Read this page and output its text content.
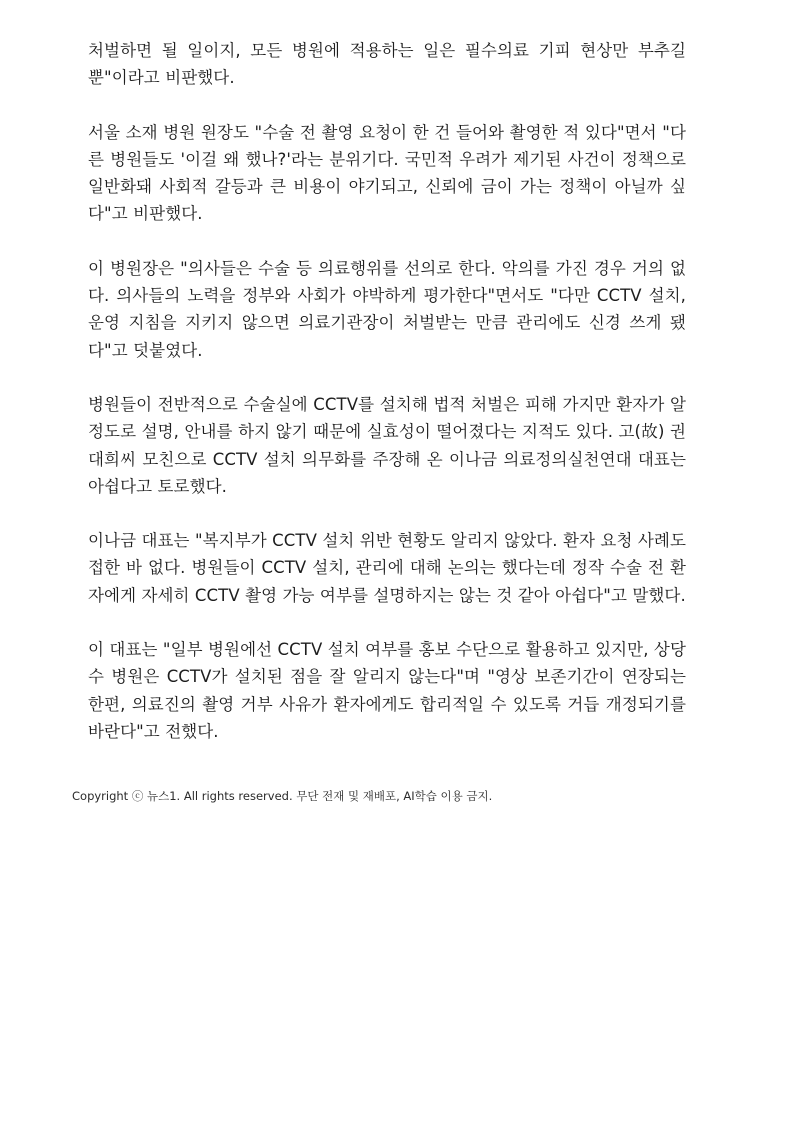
처벌하면 될 일이지, 모든 병원에 적용하는 일은 필수의료 기피 현상만 부추길 뿐"이라고 비판했다.

서울 소재 병원 원장도 "수술 전 촬영 요청이 한 건 들어와 촬영한 적 있다"면서 "다른 병원들도 '이걸 왜 했나?'라는 분위기다. 국민적 우려가 제기된 사건이 정책으로 일반화돼 사회적 갈등과 큰 비용이 야기되고, 신뢰에 금이 가는 정책이 아닐까 싶다"고 비판했다.

이 병원장은 "의사들은 수술 등 의료행위를 선의로 한다. 악의를 가진 경우 거의 없다. 의사들의 노력을 정부와 사회가 야박하게 평가한다"면서도 "다만 CCTV 설치, 운영 지침을 지키지 않으면 의료기관장이 처벌받는 만큼 관리에도 신경 쓰게 됐다"고 덧붙였다.

병원들이 전반적으로 수술실에 CCTV를 설치해 법적 처벌은 피해 가지만 환자가 알 정도로 설명, 안내를 하지 않기 때문에 실효성이 떨어졌다는 지적도 있다. 고(故) 권대희씨 모친으로 CCTV 설치 의무화를 주장해 온 이나금 의료정의실천연대 대표는 아쉽다고 토로했다.

이나금 대표는 "복지부가 CCTV 설치 위반 현황도 알리지 않았다. 환자 요청 사례도 접한 바 없다. 병원들이 CCTV 설치, 관리에 대해 논의는 했다는데 정작 수술 전 환자에게 자세히 CCTV 촬영 가능 여부를 설명하지는 않는 것 같아 아쉽다"고 말했다.

이 대표는 "일부 병원에선 CCTV 설치 여부를 홍보 수단으로 활용하고 있지만, 상당수 병원은 CCTV가 설치된 점을 잘 알리지 않는다"며 "영상 보존기간이 연장되는 한편, 의료진의 촬영 거부 사유가 환자에게도 합리적일 수 있도록 거듭 개정되기를 바란다"고 전했다.

Copyright ⓒ 뉴스1. All rights reserved. 무단 전재 및 재배포, AI학습 이용 금지.
